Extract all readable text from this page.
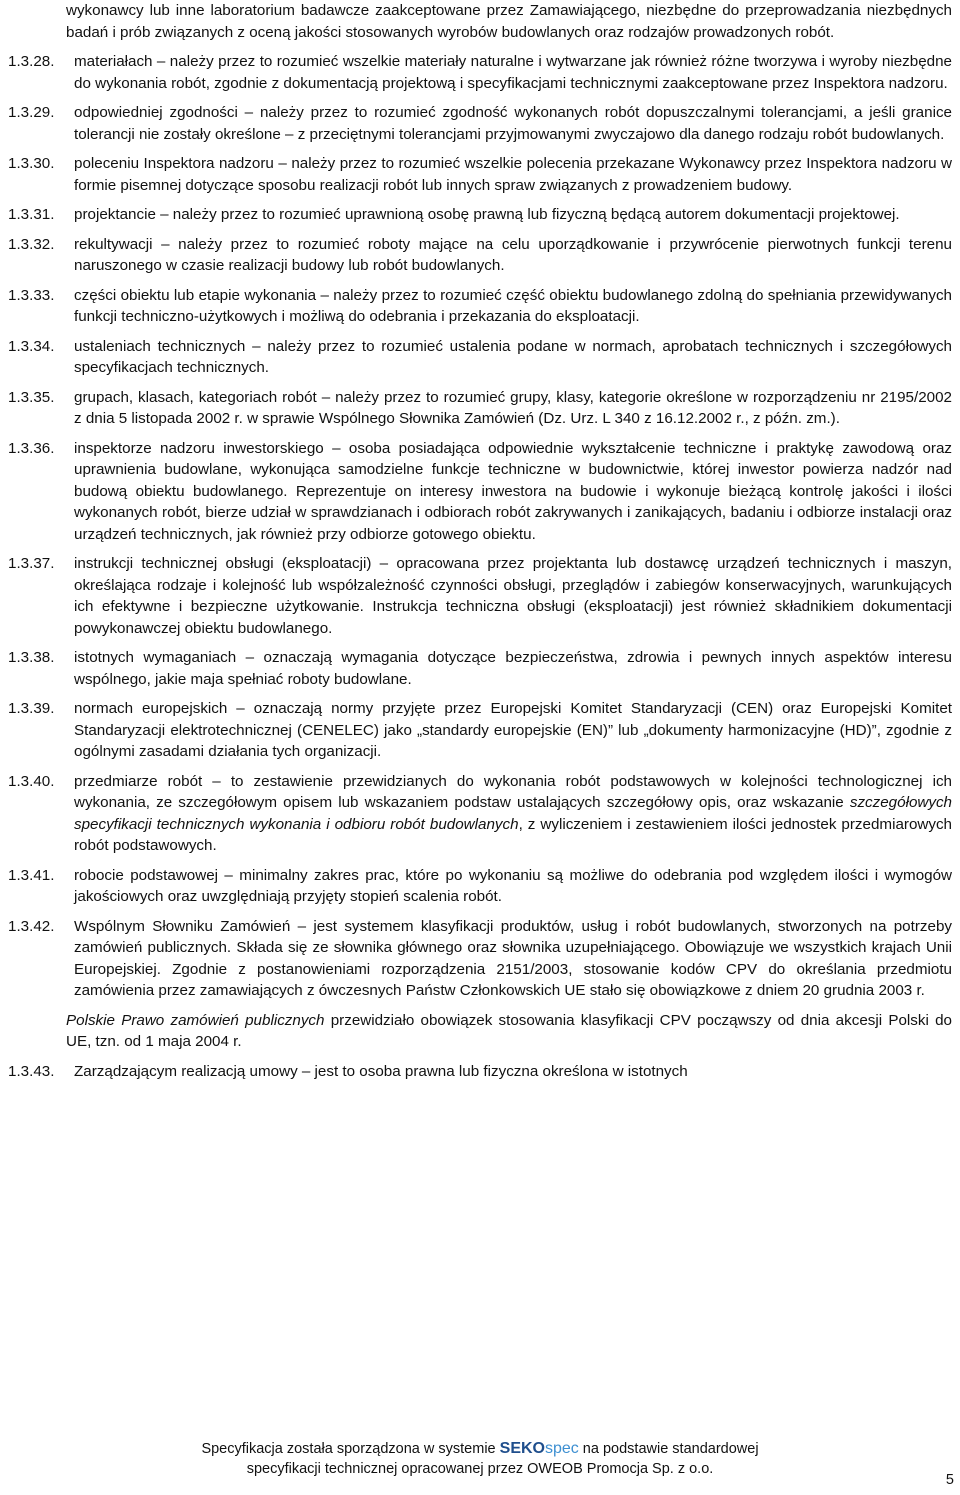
wykonawcy lub inne laboratorium badawcze zaakceptowane przez Zamawiającego, niezbędne do przeprowadzania niezbędnych badań i prób związanych z oceną jakości stosowanych wyrobów budowlanych oraz rodzajów prowadzonych robót.
1.3.28.	materiałach – należy przez to rozumieć wszelkie materiały naturalne i wytwarzane jak również różne tworzywa i wyroby niezbędne do wykonania robót, zgodnie z dokumentacją projektową i specyfikacjami technicznymi zaakceptowane przez Inspektora nadzoru.
1.3.29.	odpowiedniej zgodności – należy przez to rozumieć zgodność wykonanych robót dopuszczalnymi tolerancjami, a jeśli granice tolerancji nie zostały określone – z przeciętnymi tolerancjami przyjmowanymi zwyczajowo dla danego rodzaju robót budowlanych.
1.3.30.	poleceniu Inspektora nadzoru – należy przez to rozumieć wszelkie polecenia przekazane Wykonawcy przez Inspektora nadzoru w formie pisemnej dotyczące sposobu realizacji robót lub innych spraw związanych z prowadzeniem budowy.
1.3.31.	projektancie – należy przez to rozumieć uprawnioną osobę prawną lub fizyczną będącą autorem dokumentacji projektowej.
1.3.32.	rekultywacji – należy przez to rozumieć roboty mające na celu uporządkowanie i przywrócenie pierwotnych funkcji terenu naruszonego w czasie realizacji budowy lub robót budowlanych.
1.3.33.	części obiektu lub etapie wykonania – należy przez to rozumieć część obiektu budowlanego zdolną do spełniania przewidywanych funkcji techniczno-użytkowych i możliwą do odebrania i przekazania do eksploatacji.
1.3.34.	ustaleniach technicznych – należy przez to rozumieć ustalenia podane w normach, aprobatach technicznych i szczegółowych specyfikacjach technicznych.
1.3.35.	grupach, klasach, kategoriach robót – należy przez to rozumieć grupy, klasy, kategorie określone w rozporządzeniu nr 2195/2002 z dnia 5 listopada 2002 r. w sprawie Wspólnego Słownika Zamówień (Dz. Urz. L 340 z 16.12.2002 r., z późn. zm.).
1.3.36.	inspektorze nadzoru inwestorskiego – osoba posiadająca odpowiednie wykształcenie techniczne i praktykę zawodową oraz uprawnienia budowlane, wykonująca samodzielne funkcje techniczne w budownictwie, której inwestor powierza nadzór nad budową obiektu budowlanego. Reprezentuje on interesy inwestora na budowie i wykonuje bieżącą kontrolę jakości i ilości wykonanych robót, bierze udział w sprawdzianach i odbiorach robót zakrywanych i zanikających, badaniu i odbiorze instalacji oraz urządzeń technicznych, jak również przy odbiorze gotowego obiektu.
1.3.37.	instrukcji technicznej obsługi (eksploatacji) – opracowana przez projektanta lub dostawcę urządzeń technicznych i maszyn, określająca rodzaje i kolejność lub współzależność czynności obsługi, przeglądów i zabiegów konserwacyjnych, warunkujących ich efektywne i bezpieczne użytkowanie. Instrukcja techniczna obsługi (eksploatacji) jest również składnikiem dokumentacji powykonawczej obiektu budowlanego.
1.3.38.	istotnych wymaganiach – oznaczają wymagania dotyczące bezpieczeństwa, zdrowia i pewnych innych aspektów interesu wspólnego, jakie maja spełniać roboty budowlane.
1.3.39.	normach europejskich – oznaczają normy przyjęte przez Europejski Komitet Standaryzacji (CEN) oraz Europejski Komitet Standaryzacji elektrotechnicznej (CENELEC) jako „standardy europejskie (EN)” lub „dokumenty harmonizacyjne (HD)”, zgodnie z ogólnymi zasadami działania tych organizacji.
1.3.40.	przedmiarze robót – to zestawienie przewidzianych do wykonania robót podstawowych w kolejności technologicznej ich wykonania, ze szczegółowym opisem lub wskazaniem podstaw ustalających szczegółowy opis, oraz wskazanie szczegółowych specyfikacji technicznych wykonania i odbioru robót budowlanych, z wyliczeniem i zestawieniem ilości jednostek przedmiarowych robót podstawowych.
1.3.41.	robocie podstawowej – minimalny zakres prac, które po wykonaniu są możliwe do odebrania pod względem ilości i wymogów jakościowych oraz uwzględniają przyjęty stopień scalenia robót.
1.3.42.	Wspólnym Słowniku Zamówień – jest systemem klasyfikacji produktów, usług i robót budowlanych, stworzonych na potrzeby zamówień publicznych. Składa się ze słownika głównego oraz słownika uzupełniającego. Obowiązuje we wszystkich krajach Unii Europejskiej. Zgodnie z postanowieniami rozporządzenia 2151/2003, stosowanie kodów CPV do określania przedmiotu zamówienia przez zamawiających z ówczesnych Państw Członkowskich UE stało się obowiązkowe z dniem 20 grudnia 2003 r.
Polskie Prawo zamówień publicznych przewidziało obowiązek stosowania klasyfikacji CPV począwszy od dnia akcesji Polski do UE, tzn. od 1 maja 2004 r.
1.3.43.	Zarządzającym realizacją umowy – jest to osoba prawna lub fizyczna określona w istotnych
Specyfikacja została sporządzona w systemie SEKOspec na podstawie standardowej
specyfikacji technicznej opracowanej przez OWEOB Promocja Sp. z o.o.
5
